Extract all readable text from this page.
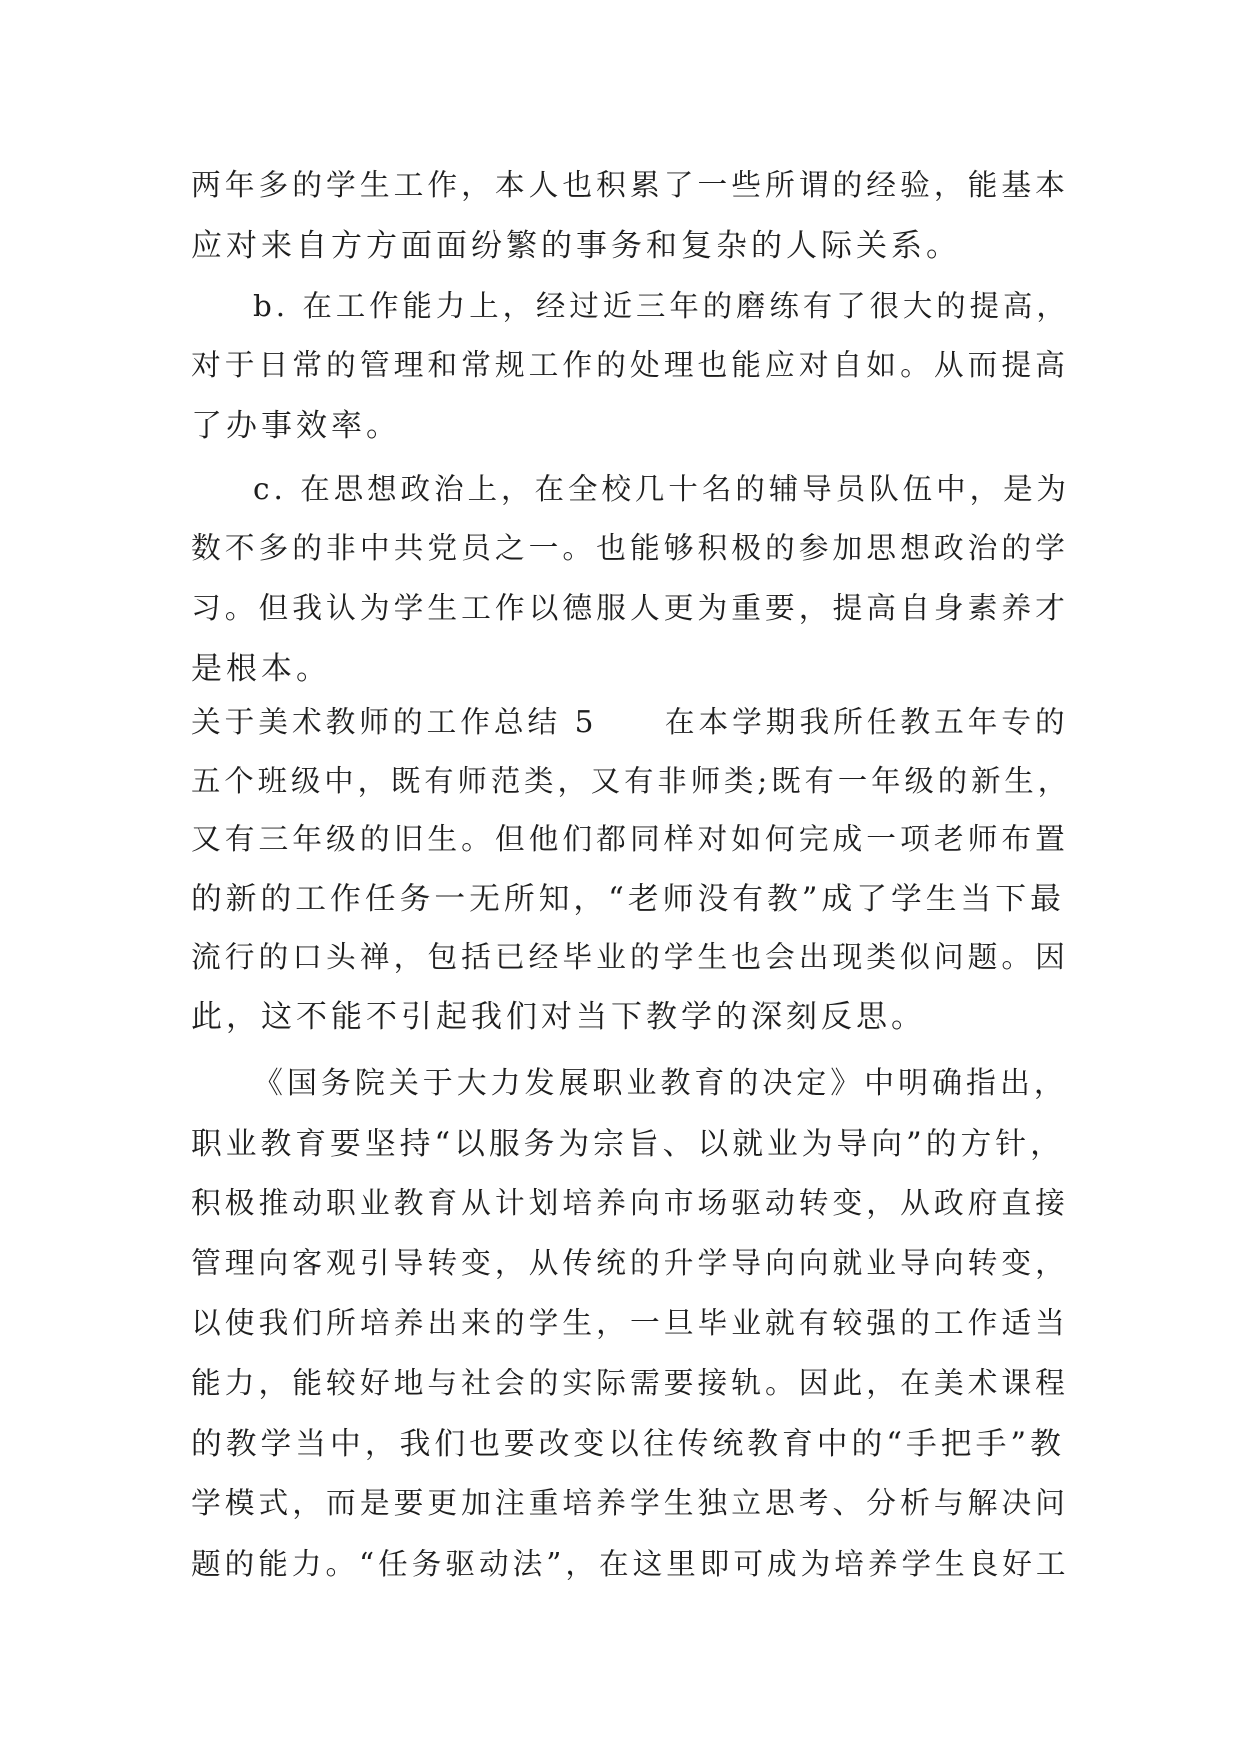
两年多的学生工作，本人也积累了一些所谓的经验，能基本
应对来自方方面面纷繁的事务和复杂的人际关系。
b. 在工作能力上，经过近三年的磨练有了很大的提高，
对于日常的管理和常规工作的处理也能应对自如。从而提高
了办事效率。
c. 在思想政治上，在全校几十名的辅导员队伍中，是为
数不多的非中共党员之一。也能够积极的参加思想政治的学
习。但我认为学生工作以德服人更为重要，提高自身素养才
是根本。
关于美术教师的工作总结 5　　在本学期我所任教五年专的
五个班级中，既有师范类，又有非师类;既有一年级的新生，
又有三年级的旧生。但他们都同样对如何完成一项老师布置
的新的工作任务一无所知，“老师没有教”成了学生当下最
流行的口头禅，包括已经毕业的学生也会出现类似问题。因
此，这不能不引起我们对当下教学的深刻反思。
《国务院关于大力发展职业教育的决定》中明确指出，
职业教育要坚持“以服务为宗旨、以就业为导向”的方针，
积极推动职业教育从计划培养向市场驱动转变，从政府直接
管理向客观引导转变，从传统的升学导向向就业导向转变，
以使我们所培养出来的学生，一旦毕业就有较强的工作适当
能力，能较好地与社会的实际需要接轨。因此，在美术课程
的教学当中，我们也要改变以往传统教育中的“手把手”教
学模式，而是要更加注重培养学生独立思考、分析与解决问
题的能力。“任务驱动法”，在这里即可成为培养学生良好工
